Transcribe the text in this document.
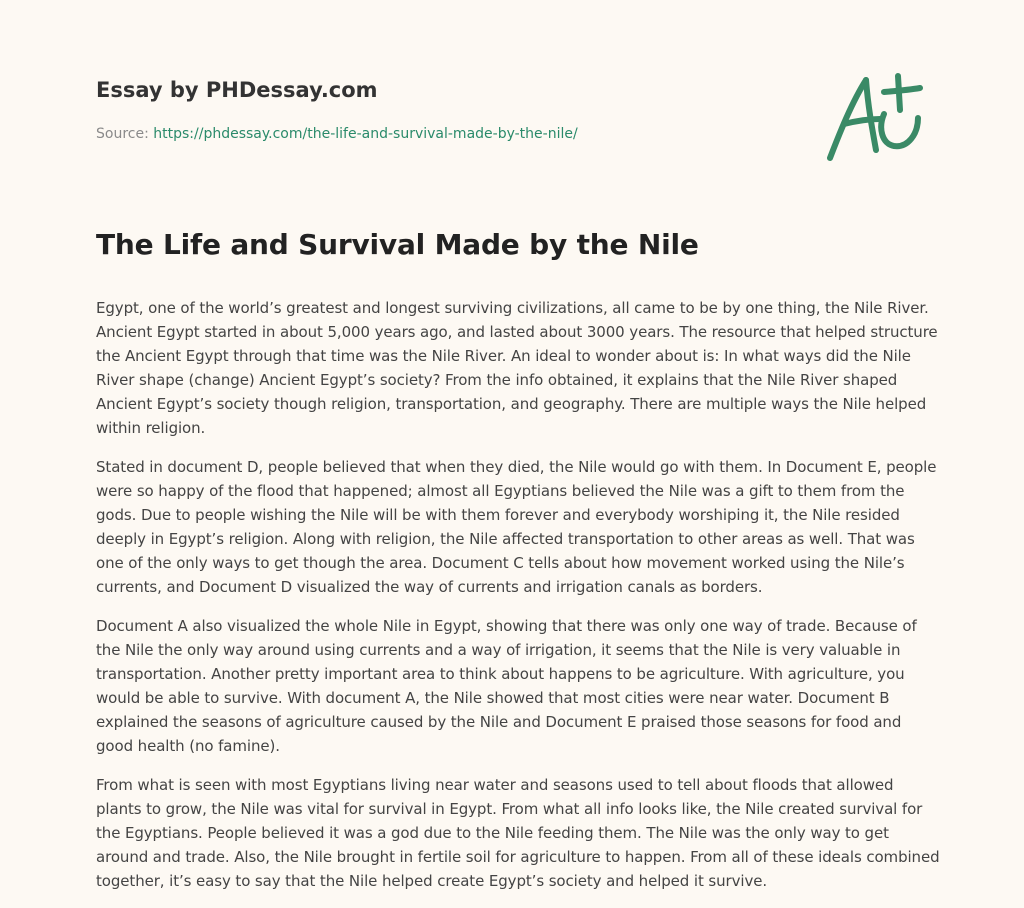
Essay by PHDessay.com
Source: https://phdessay.com/the-life-and-survival-made-by-the-nile/
The Life and Survival Made by the Nile

Egypt, one of the world’s greatest and longest surviving civilizations, all came to be by one thing, the Nile River. Ancient Egypt started in about 5,000 years ago, and lasted about 3000 years. The resource that helped structure the Ancient Egypt through that time was the Nile River. An ideal to wonder about is: In what ways did the Nile River shape (change) Ancient Egypt’s society? From the info obtained, it explains that the Nile River shaped Ancient Egypt’s society though religion, transportation, and geography. There are multiple ways the Nile helped within religion.

Stated in document D, people believed that when they died, the Nile would go with them. In Document E, people were so happy of the flood that happened; almost all Egyptians believed the Nile was a gift to them from the gods. Due to people wishing the Nile will be with them forever and everybody worshiping it, the Nile resided deeply in Egypt’s religion. Along with religion, the Nile affected transportation to other areas as well. That was one of the only ways to get though the area. Document C tells about how movement worked using the Nile’s currents, and Document D visualized the way of currents and irrigation canals as borders.

Document A also visualized the whole Nile in Egypt, showing that there was only one way of trade. Because of the Nile the only way around using currents and a way of irrigation, it seems that the Nile is very valuable in transportation. Another pretty important area to think about happens to be agriculture. With agriculture, you would be able to survive. With document A, the Nile showed that most cities were near water. Document B explained the seasons of agriculture caused by the Nile and Document E praised those seasons for food and good health (no famine).

From what is seen with most Egyptians living near water and seasons used to tell about floods that allowed plants to grow, the Nile was vital for survival in Egypt. From what all info looks like, the Nile created survival for the Egyptians. People believed it was a god due to the Nile feeding them. The Nile was the only way to get around and trade. Also, the Nile brought in fertile soil for agriculture to happen. From all of these ideals combined together, it’s easy to say that the Nile helped create Egypt’s society and helped it survive.
